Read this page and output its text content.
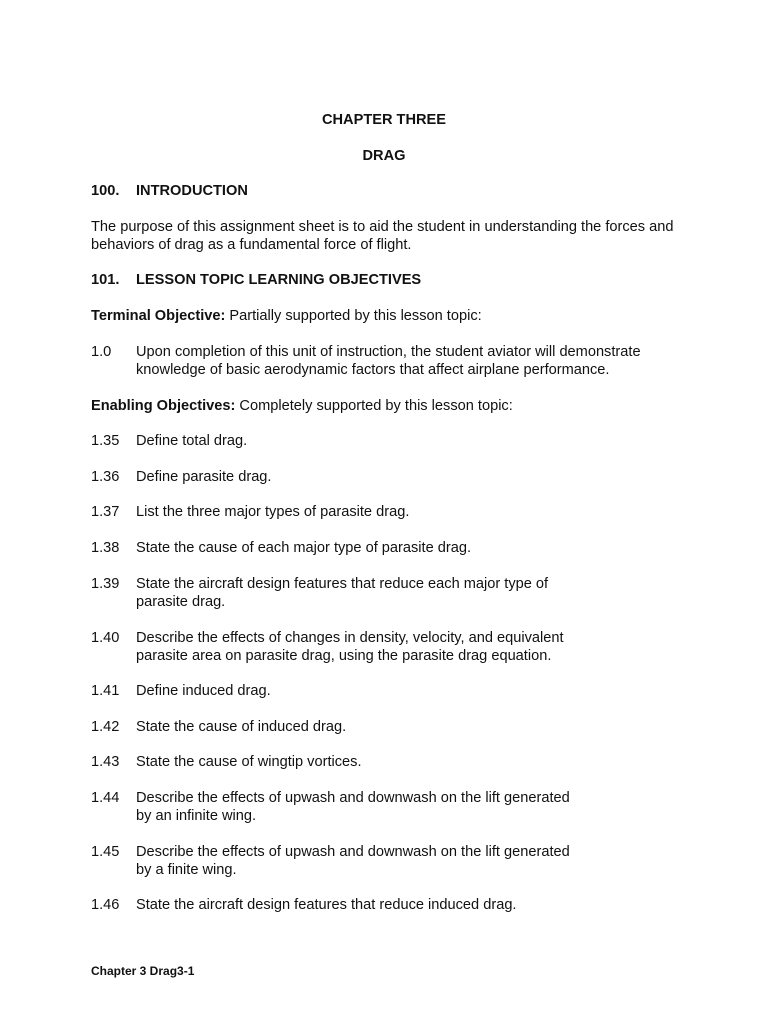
CHAPTER THREE
DRAG
100. INTRODUCTION
The purpose of this assignment sheet is to aid the student in understanding the forces and behaviors of drag as a fundamental force of flight.
101. LESSON TOPIC LEARNING OBJECTIVES
Terminal Objective: Partially supported by this lesson topic:
1.0 Upon completion of this unit of instruction, the student aviator will demonstrate
knowledge of basic aerodynamic factors that affect airplane performance.
Enabling Objectives: Completely supported by this lesson topic:
1.35 Define total drag.
1.36 Define parasite drag.
1.37 List the three major types of parasite drag.
1.38 State the cause of each major type of parasite drag.
1.39 State the aircraft design features that reduce each major type of
parasite drag.
1.40 Describe the effects of changes in density, velocity, and equivalent
parasite area on parasite drag, using the parasite drag equation.
1.41 Define induced drag.
1.42 State the cause of induced drag.
1.43 State the cause of wingtip vortices.
1.44 Describe the effects of upwash and downwash on the lift generated
by an infinite wing.
1.45 Describe the effects of upwash and downwash on the lift generated
by a finite wing.
1.46 State the aircraft design features that reduce induced drag.
Chapter 3 Drag3-1
